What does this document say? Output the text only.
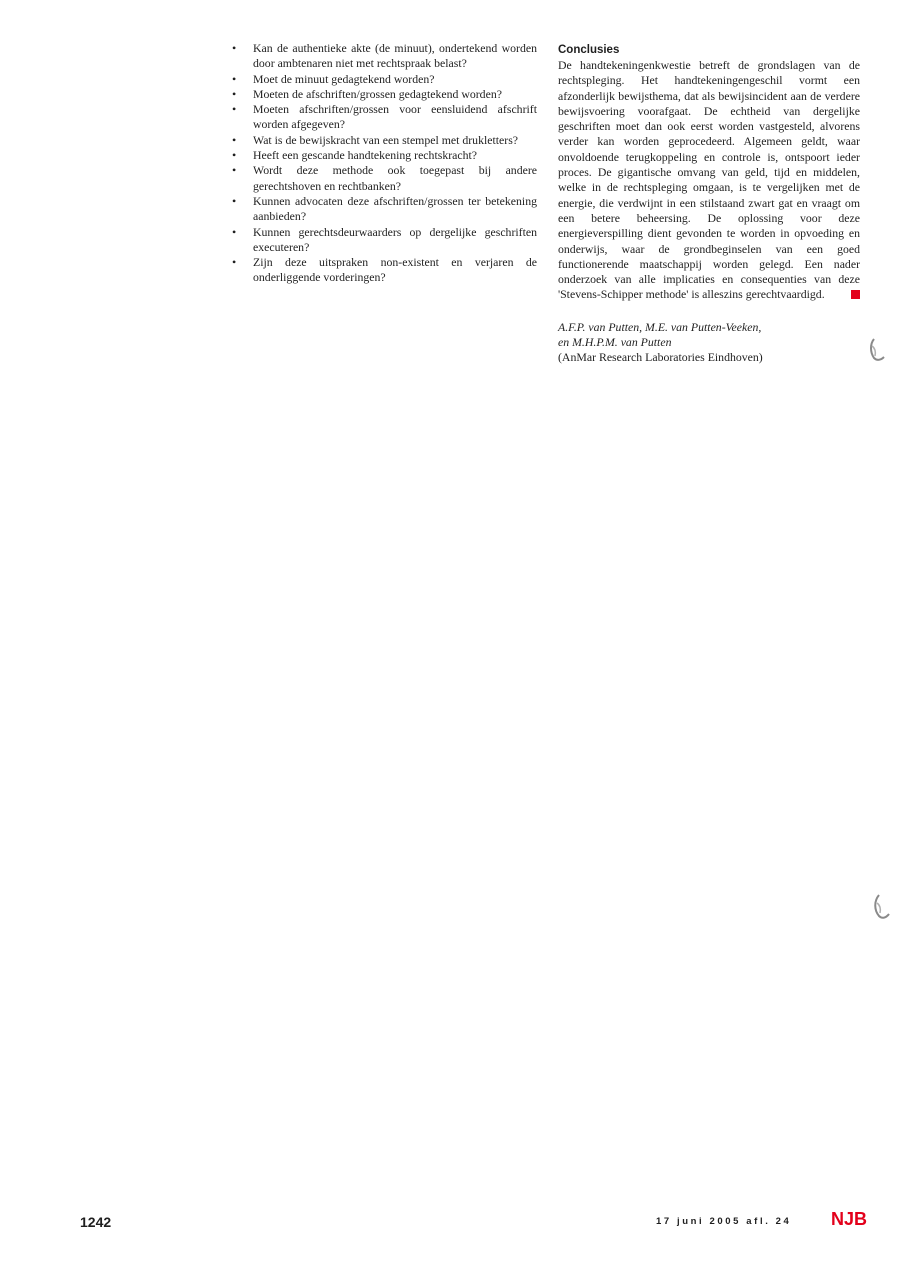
• Kan de authentieke akte (de minuut), ondertekend worden door ambtenaren niet met rechtspraak belast?
• Moet de minuut gedagtekend worden?
• Moeten de afschriften/grossen gedagtekend worden?
• Moeten afschriften/grossen voor eensluidend afschrift worden afgegeven?
• Wat is de bewijskracht van een stempel met drukletters?
• Heeft een gescande handtekening rechtskracht?
• Wordt deze methode ook toegepast bij andere gerechtshoven en rechtbanken?
• Kunnen advocaten deze afschriften/grossen ter betekening aanbieden?
• Kunnen gerechtsdeurwaarders op dergelijke geschriften executeren?
• Zijn deze uitspraken non-existent en verjaren de onderliggende vorderingen?

Conclusies

De handtekeningenkwestie betreft de grondslagen van de rechtspleging. Het handtekeningengeschil vormt een afzonderlijk bewijsthema, dat als bewijsincident aan de verdere bewijsvoering voorafgaat. De echtheid van dergelijke geschriften moet dan ook eerst worden vastgesteld, alvorens verder kan worden geprocedeerd. Algemeen geldt, waar onvoldoende terugkoppeling en controle is, ontspoort ieder proces. De gigantische omvang van geld, tijd en middelen, welke in de rechtspleging omgaan, is te vergelijken met de energie, die verdwijnt in een stilstaand zwart gat en vraagt om een betere beheersing. De oplossing voor deze energieverspilling dient gevonden te worden in opvoeding en onderwijs, waar de grondbeginselen van een goed functionerende maatschappij worden gelegd. Een nader onderzoek van alle implicaties en consequenties van deze 'Stevens-Schipper methode' is alleszins gerechtvaardigd.

A.F.P. van Putten, M.E. van Putten-Veeken,
en M.H.P.M. van Putten
(AnMar Research Laboratories Eindhoven)
1242	17 juni 2005 afl. 24 NJB
